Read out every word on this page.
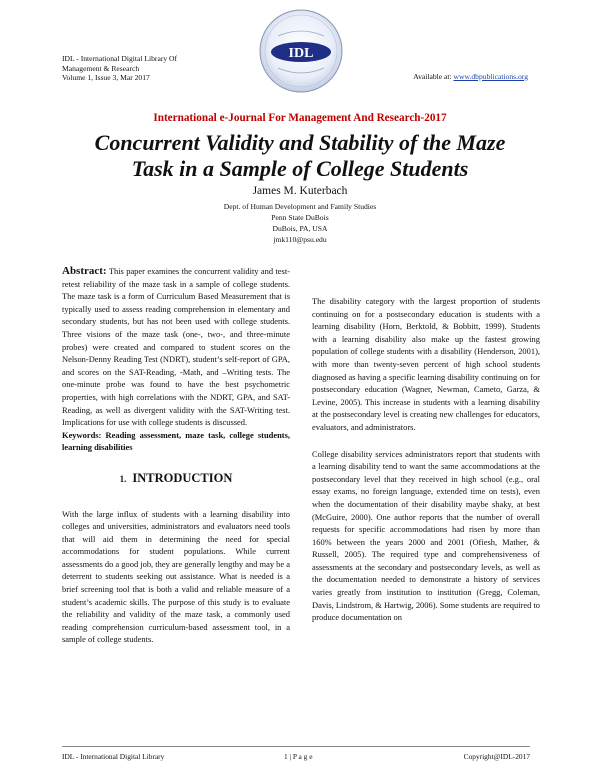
IDL - International Digital Library Of
Management & Research
Volume 1, Issue 3, Mar 2017
IDL
Available at: www.dbpublications.org
International e-Journal For Management And Research-2017
Concurrent Validity and Stability of the Maze
Task in a Sample of College Students
James M. Kuterbach
Dept. of Human Development and Family Studies
Penn State DuBois
DuBois, PA, USA
jmk110@psu.edu

Abstract: This paper examines the concurrent validity and test-retest reliability of the maze task in a sample of college students. The maze task is a form of Curriculum Based Measurement that is typically used to assess reading comprehension in elementary and secondary students, but has not been used with college students. Three visions of the maze task (one-, two-, and three-minute probes) were created and compared to student scores on the Nelson-Denny Reading Test (NDRT), student’s self-report of GPA, and scores on the SAT-Reading, -Math, and –Writing tests. The one-minute probe was found to have the best psychometric properties, with high correlations with the NDRT, GPA, and SAT-Reading, as well as divergent validity with the SAT-Writing test. Implications for use with college students is discussed.

Keywords: Reading assessment, maze task, college students, learning disabilities

1. INTRODUCTION

With the large influx of students with a learning disability into colleges and universities, administrators and evaluators need tools that will aid them in determining the need for special accommodations for student populations. While current assessments do a good job, they are generally lengthy and may be a deterrent to students seeking out assistance. What is needed is a brief screening tool that is both a valid and reliable measure of a student’s academic skills. The purpose of this study is to evaluate the reliability and validity of the maze task, a commonly used reading comprehension curriculum-based assessment tool, in a sample of college students.

The disability category with the largest proportion of students continuing on for a postsecondary education is students with a learning disability (Horn, Berktold, & Bobbitt, 1999). Students with a learning disability also make up the fastest growing population of college students with a disability (Henderson, 2001), with more than twenty-seven percent of high school students diagnosed as having a specific learning disability continuing on for postsecondary education (Wagner, Newman, Cameto, Garza, & Levine, 2005). This increase in students with a learning disability at the postsecondary level is creating new challenges for educators, evaluators, and administrators.

College disability services administrators report that students with a learning disability tend to want the same accommodations at the postsecondary level that they received in high school (e.g., oral essay exams, no foreign language, extended time on tests), even when the documentation of their disability maybe shaky, at best (McGuire, 2000). One author reports that the number of overall requests for specific accommodations had risen by more than 160% between the years 2000 and 2001 (Ofiesh, Mather, & Russell, 2005). The required type and comprehensiveness of assessments at the secondary and postsecondary levels, as well as the documentation needed to demonstrate a history of services varies greatly from institution to institution (Gregg, Coleman, Davis, Lindstrom, & Hartwig, 2006). Some students are required to produce documentation on

IDL - International Digital Library	1 | P a g e	Copyright@IDL-2017
